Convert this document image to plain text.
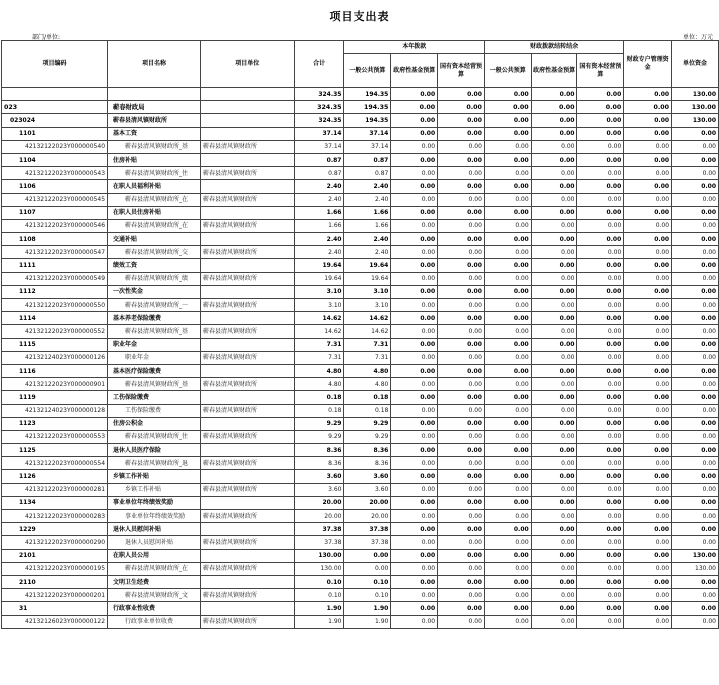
项目支出表
部门/单位:	单位：万元
项目编码	项目名称	项目单位	合计	本年拨款			财政拨款结转结余			财政专户管理资金	单位资金
				一般公共预算	政府性基金预算	国有资本经营预算	一般公共预算	政府性基金预算	国有资本经营预算		
			324.35	194.35	0.00	0.00	0.00	0.00	0.00	0.00	130.00
023	蕲春财政局		324.35	194.35	0.00	0.00	0.00	0.00	0.00	0.00	130.00
023024	蕲春县清风镇财政所		324.35	194.35	0.00	0.00	0.00	0.00	0.00	0.00	130.00
1101	基本工资		37.14	37.14	0.00	0.00	0.00	0.00	0.00	0.00	0.00
42132122023Y000000540	蕲春县清风镇财政所_基	蕲春县清风镇财政所	37.14	37.14	0.00	0.00	0.00	0.00	0.00	0.00	0.00
1104	住房补贴		0.87	0.87	0.00	0.00	0.00	0.00	0.00	0.00	0.00
42132122023Y000000543	蕲春县清风镇财政所_住	蕲春县清风镇财政所	0.87	0.87	0.00	0.00	0.00	0.00	0.00	0.00	0.00
1106	在职人员福利补贴		2.40	2.40	0.00	0.00	0.00	0.00	0.00	0.00	0.00
42132122023Y000000545	蕲春县清风镇财政所_在	蕲春县清风镇财政所	2.40	2.40	0.00	0.00	0.00	0.00	0.00	0.00	0.00
1107	在职人员住房补贴		1.66	1.66	0.00	0.00	0.00	0.00	0.00	0.00	0.00
42132122023Y000000546	蕲春县清风镇财政所_在	蕲春县清风镇财政所	1.66	1.66	0.00	0.00	0.00	0.00	0.00	0.00	0.00
1108	交通补贴		2.40	2.40	0.00	0.00	0.00	0.00	0.00	0.00	0.00
42132122023Y000000547	蕲春县清风镇财政所_交	蕲春县清风镇财政所	2.40	2.40	0.00	0.00	0.00	0.00	0.00	0.00	0.00
1111	绩效工资		19.64	19.64	0.00	0.00	0.00	0.00	0.00	0.00	0.00
42132122023Y000000549	蕲春县清风镇财政所_绩	蕲春县清风镇财政所	19.64	19.64	0.00	0.00	0.00	0.00	0.00	0.00	0.00
1112	一次性奖金		3.10	3.10	0.00	0.00	0.00	0.00	0.00	0.00	0.00
42132122023Y000000550	蕲春县清风镇财政所_一	蕲春县清风镇财政所	3.10	3.10	0.00	0.00	0.00	0.00	0.00	0.00	0.00
1114	基本养老保险缴费		14.62	14.62	0.00	0.00	0.00	0.00	0.00	0.00	0.00
42132122023Y000000552	蕲春县清风镇财政所_基	蕲春县清风镇财政所	14.62	14.62	0.00	0.00	0.00	0.00	0.00	0.00	0.00
1115	职业年金		7.31	7.31	0.00	0.00	0.00	0.00	0.00	0.00	0.00
42132124023Y000000126	职业年金	蕲春县清风镇财政所	7.31	7.31	0.00	0.00	0.00	0.00	0.00	0.00	0.00
1116	基本医疗保险缴费		4.80	4.80	0.00	0.00	0.00	0.00	0.00	0.00	0.00
42132122023Y000000901	蕲春县清风镇财政所_基	蕲春县清风镇财政所	4.80	4.80	0.00	0.00	0.00	0.00	0.00	0.00	0.00
1119	工伤保险缴费		0.18	0.18	0.00	0.00	0.00	0.00	0.00	0.00	0.00
42132124023Y000000128	工伤保险缴费	蕲春县清风镇财政所	0.18	0.18	0.00	0.00	0.00	0.00	0.00	0.00	0.00
1123	住房公积金		9.29	9.29	0.00	0.00	0.00	0.00	0.00	0.00	0.00
42132122023Y000000553	蕲春县清风镇财政所_住	蕲春县清风镇财政所	9.29	9.29	0.00	0.00	0.00	0.00	0.00	0.00	0.00
1125	退休人员医疗保险		8.36	8.36	0.00	0.00	0.00	0.00	0.00	0.00	0.00
42132122023Y000000554	蕲春县清风镇财政所_退	蕲春县清风镇财政所	8.36	8.36	0.00	0.00	0.00	0.00	0.00	0.00	0.00
1126	乡镇工作补贴		3.60	3.60	0.00	0.00	0.00	0.00	0.00	0.00	0.00
42132122023Y000000281	乡镇工作补贴	蕲春县清风镇财政所	3.60	3.60	0.00	0.00	0.00	0.00	0.00	0.00	0.00
1134	事业单位年终绩效奖励		20.00	20.00	0.00	0.00	0.00	0.00	0.00	0.00	0.00
42132122023Y000000283	事业单位年终绩效奖励	蕲春县清风镇财政所	20.00	20.00	0.00	0.00	0.00	0.00	0.00	0.00	0.00
1229	退休人员慰问补贴		37.38	37.38	0.00	0.00	0.00	0.00	0.00	0.00	0.00
42132122023Y000000290	退休人员慰问补贴	蕲春县清风镇财政所	37.38	37.38	0.00	0.00	0.00	0.00	0.00	0.00	0.00
2101	在职人员公用		130.00	0.00	0.00	0.00	0.00	0.00	0.00	0.00	130.00
42132122023Y000000195	蕲春县清风镇财政所_在	蕲春县清风镇财政所	130.00	0.00	0.00	0.00	0.00	0.00	0.00	0.00	130.00
2110	文明卫生经费		0.10	0.10	0.00	0.00	0.00	0.00	0.00	0.00	0.00
42132122023Y000000201	蕲春县清风镇财政所_文	蕲春县清风镇财政所	0.10	0.10	0.00	0.00	0.00	0.00	0.00	0.00	0.00
31	行政事业性收费		1.90	1.90	0.00	0.00	0.00	0.00	0.00	0.00	0.00
42132126023Y000000122	行政事业单位收费	蕲春县清风镇财政所	1.90	1.90	0.00	0.00	0.00	0.00	0.00	0.00	0.00
